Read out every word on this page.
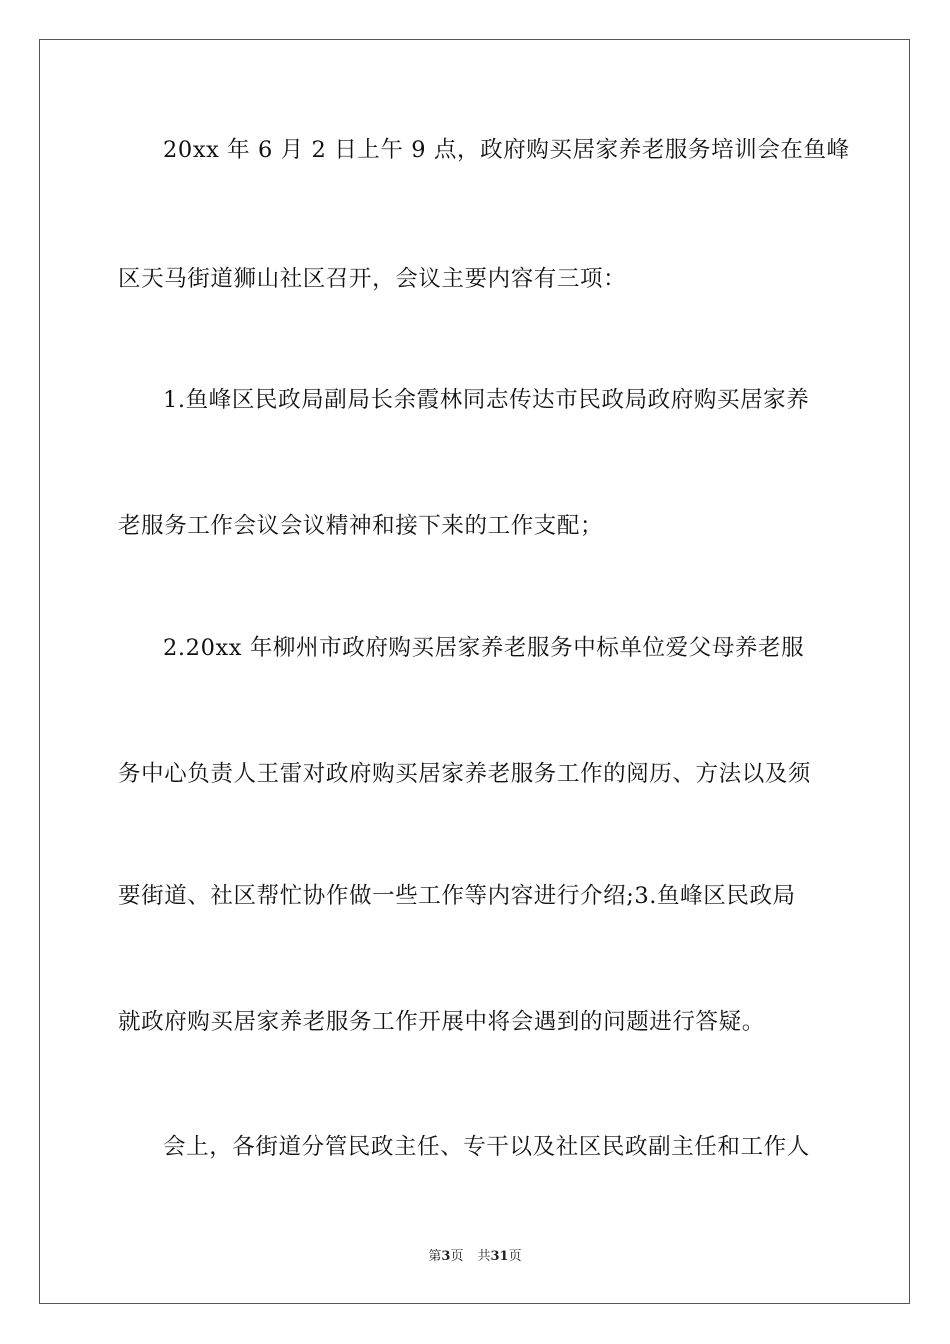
20xx 年 6 月 2 日上午 9 点，政府购买居家养老服务培训会在鱼峰
区天马街道狮山社区召开，会议主要内容有三项：
1.鱼峰区民政局副局长余霞林同志传达市民政局政府购买居家养
老服务工作会议会议精神和接下来的工作支配；
2.20xx 年柳州市政府购买居家养老服务中标单位爱父母养老服
务中心负责人王雷对政府购买居家养老服务工作的阅历、方法以及须
要街道、社区帮忙协作做一些工作等内容进行介绍;3.鱼峰区民政局
就政府购买居家养老服务工作开展中将会遇到的问题进行答疑。
会上，各街道分管民政主任、专干以及社区民政副主任和工作人
第3页 共31页
